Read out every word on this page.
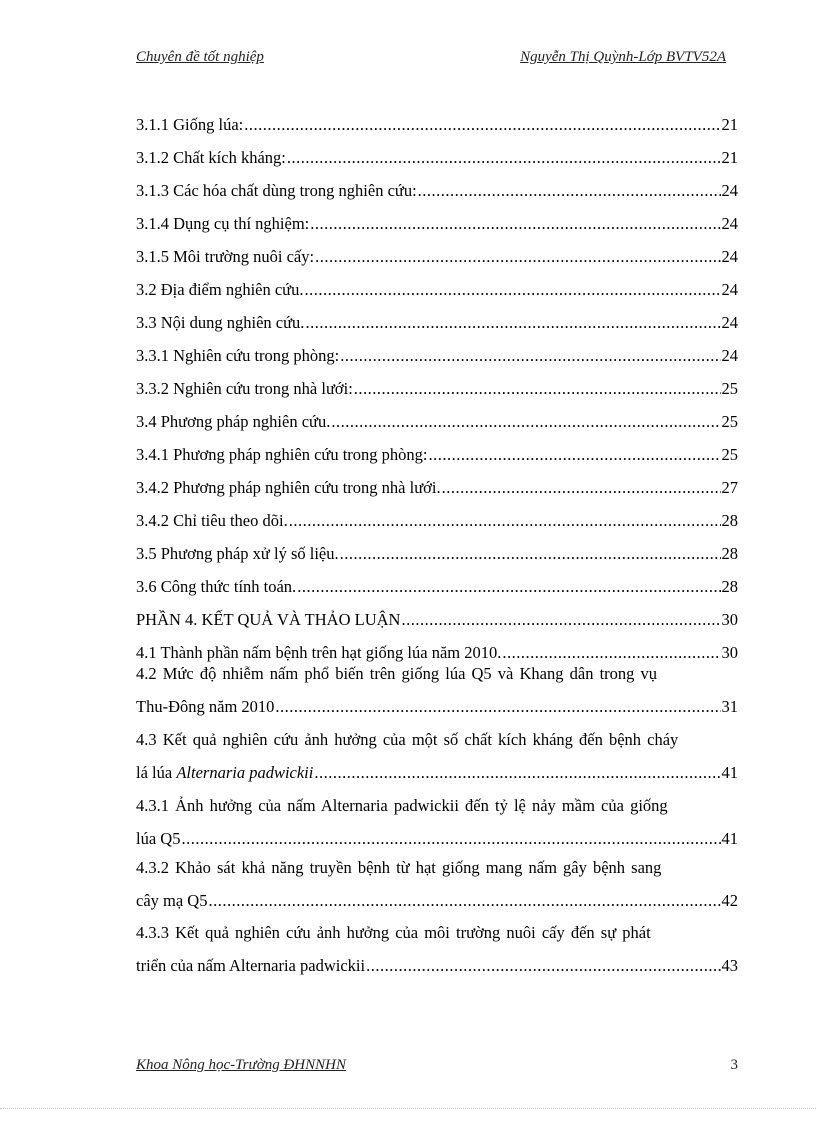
Chuyên đề tốt nghiệp	Nguyễn Thị Quỳnh-Lớp BVTV52A
3.1.1 Giống lúa: .....	21
3.1.2 Chất kích kháng: .....	21
3.1.3 Các hóa chất dùng trong nghiên cứu: .....	24
3.1.4 Dụng cụ thí nghiệm: .....	24
3.1.5 Môi trường nuôi cấy: .....	24
3.2 Địa điểm nghiên cứu. .....	24
3.3 Nội dung nghiên cứu. .....	24
3.3.1 Nghiên cứu trong phòng: .....	24
3.3.2 Nghiên cứu trong nhà lưới: .....	25
3.4 Phương pháp nghiên cứu. .....	25
3.4.1 Phương pháp nghiên cứu trong phòng: .....	25
3.4.2 Phương pháp nghiên cứu trong nhà lưới. .....	27
3.4.2 Chỉ tiêu theo dõi. .....	28
3.5 Phương pháp xử lý số liệu. .....	28
3.6 Công thức tính toán. .....	28
PHẦN 4. KẾT QUẢ VÀ THẢO LUẬN .....	30
4.1 Thành phần nấm bệnh trên hạt giống lúa năm 2010. .....	30
4.2 Mức độ nhiễm nấm phổ biến trên giống lúa Q5 và Khang dân trong vụ
Thu-Đông năm 2010 .....	31
4.3 Kết quả nghiên cứu ảnh hưởng của một số chất kích kháng đến bệnh cháy
lá lúa Alternaria padwickii .....	41
4.3.1 Ảnh hưởng của nấm Alternaria padwickii đến tỷ lệ nảy mầm của giống
lúa Q5 .....	41
4.3.2 Khảo sát khả năng truyền bệnh từ hạt giống mang nấm gây bệnh sang
cây mạ Q5 .....	42
4.3.3 Kết quả nghiên cứu ảnh hưởng của môi trường nuôi cấy đến sự phát
triển của nấm Alternaria padwickii .....	43
Khoa Nông học-Trường ĐHNNHN	3
